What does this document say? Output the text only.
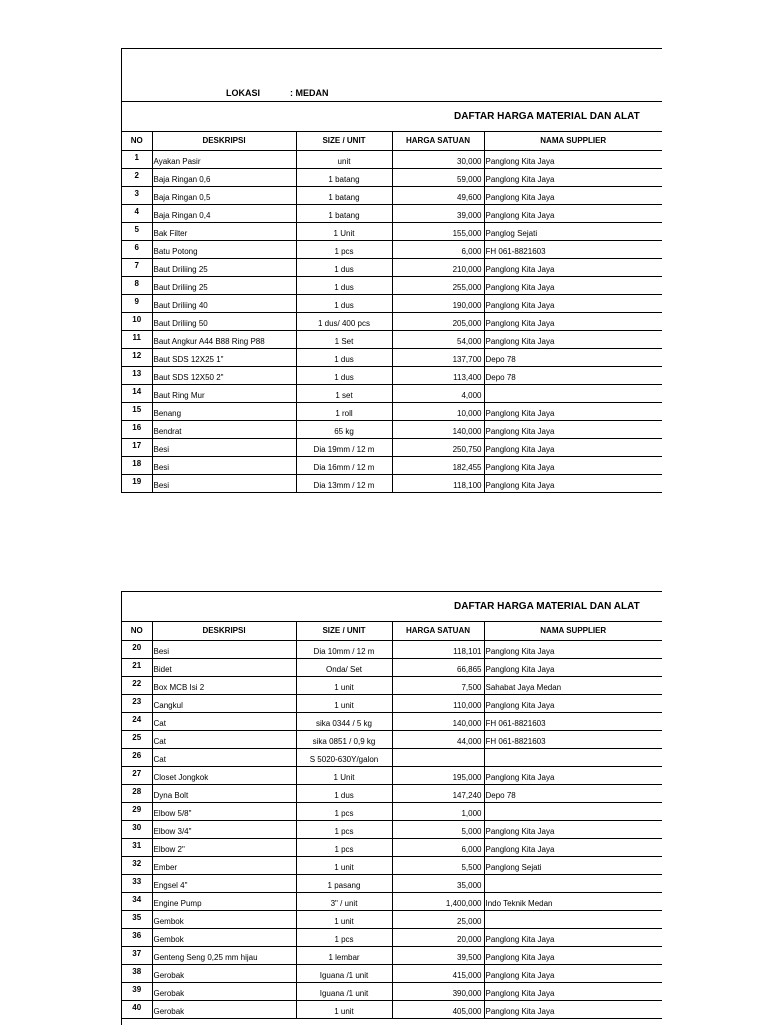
LOKASI	: MEDAN
DAFTAR HARGA MATERIAL DAN ALAT
NO	DESKRIPSI	SIZE / UNIT	HARGA SATUAN	NAMA SUPPLIER
1	Ayakan Pasir	unit	30,000	Panglong Kita Jaya
2	Baja Ringan 0,6	1 batang	59,000	Panglong Kita Jaya
3	Baja Ringan 0,5	1 batang	49,600	Panglong Kita Jaya
4	Baja Ringan 0,4	1 batang	39,000	Panglong Kita Jaya
5	Bak Filter	1 Unit	155,000	Panglog Sejati
6	Batu Potong	1 pcs	6,000	FH 061-8821603
7	Baut Driliing 25	1 dus	210,000	Panglong Kita Jaya
8	Baut Driliing 25	1 dus	255,000	Panglong Kita Jaya
9	Baut Driliing 40	1 dus	190,000	Panglong Kita Jaya
10	Baut Driliing 50	1 dus/ 400 pcs	205,000	Panglong Kita Jaya
11	Baut Angkur A44 B88 Ring P88	1 Set	54,000	Panglong Kita Jaya
12	Baut SDS 12X25 1"	1 dus	137,700	Depo 78
13	Baut SDS 12X50 2"	1 dus	113,400	Depo 78
14	Baut Ring Mur	1 set	4,000	
15	Benang	1 roll	10,000	Panglong Kita Jaya
16	Bendrat	65 kg	140,000	Panglong Kita Jaya
17	Besi	Dia 19mm / 12 m	250,750	Panglong Kita Jaya
18	Besi	Dia 16mm / 12 m	182,455	Panglong Kita Jaya
19	Besi	Dia 13mm / 12 m	118,100	Panglong Kita Jaya
DAFTAR HARGA MATERIAL DAN ALAT
NO	DESKRIPSI	SIZE / UNIT	HARGA SATUAN	NAMA SUPPLIER
20	Besi	Dia 10mm / 12 m	118,101	Panglong Kita Jaya
21	Bidet	Onda/ Set	66,865	Panglong Kita Jaya
22	Box MCB Isi 2	1 unit	7,500	Sahabat Jaya Medan
23	Cangkul	1 unit	110,000	Panglong Kita Jaya
24	Cat	sika 0344 / 5 kg	140,000	FH 061-8821603
25	Cat	sika 0851 / 0,9 kg	44,000	FH 061-8821603
26	Cat	S 5020-630Y/galon		
27	Closet Jongkok	1 Unit	195,000	Panglong Kita Jaya
28	Dyna Bolt	1 dus	147,240	Depo 78
29	Elbow 5/8"	1 pcs	1,000	
30	Elbow 3/4"	1 pcs	5,000	Panglong Kita Jaya
31	Elbow 2"	1 pcs	6,000	Panglong Kita Jaya
32	Ember	1 unit	5,500	Panglong Sejati
33	Engsel 4"	1 pasang	35,000	
34	Engine Pump	3" / unit	1,400,000	Indo Teknik Medan
35	Gembok	1 unit	25,000	
36	Gembok	1 pcs	20,000	Panglong Kita Jaya
37	Genteng Seng 0,25 mm hijau	1 lembar	39,500	Panglong Kita Jaya
38	Gerobak	Iguana /1 unit	415,000	Panglong Kita Jaya
39	Gerobak	Iguana /1 unit	390,000	Panglong Kita Jaya
40	Gerobak	1 unit	405,000	Panglong Kita Jaya
